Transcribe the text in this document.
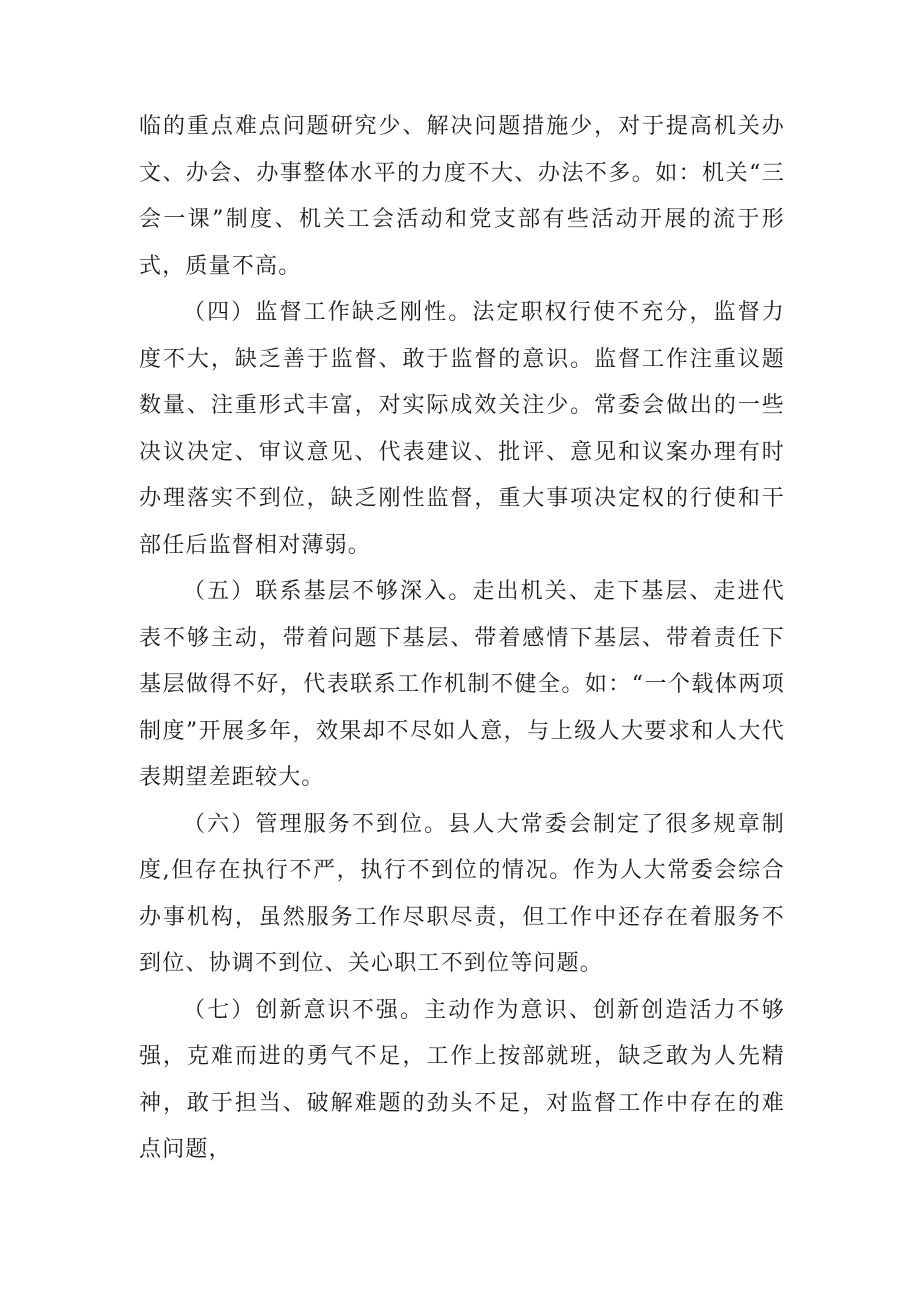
临的重点难点问题研究少、解决问题措施少，对于提高机关办文、办会、办事整体水平的力度不大、办法不多。如：机关“三会一课”制度、机关工会活动和党支部有些活动开展的流于形式，质量不高。

（四）监督工作缺乏刚性。法定职权行使不充分，监督力度不大，缺乏善于监督、敢于监督的意识。监督工作注重议题数量、注重形式丰富，对实际成效关注少。常委会做出的一些决议决定、审议意见、代表建议、批评、意见和议案办理有时办理落实不到位，缺乏刚性监督，重大事项决定权的行使和干部任后监督相对薄弱。

（五）联系基层不够深入。走出机关、走下基层、走进代表不够主动，带着问题下基层、带着感情下基层、带着责任下基层做得不好，代表联系工作机制不健全。如：“一个载体两项制度”开展多年，效果却不尽如人意，与上级人大要求和人大代表期望差距较大。

（六）管理服务不到位。县人大常委会制定了很多规章制度,但存在执行不严，执行不到位的情况。作为人大常委会综合办事机构，虽然服务工作尽职尽责，但工作中还存在着服务不到位、协调不到位、关心职工不到位等问题。

（七）创新意识不强。主动作为意识、创新创造活力不够强，克难而进的勇气不足，工作上按部就班，缺乏敢为人先精神，敢于担当、破解难题的劲头不足，对监督工作中存在的难点问题，
